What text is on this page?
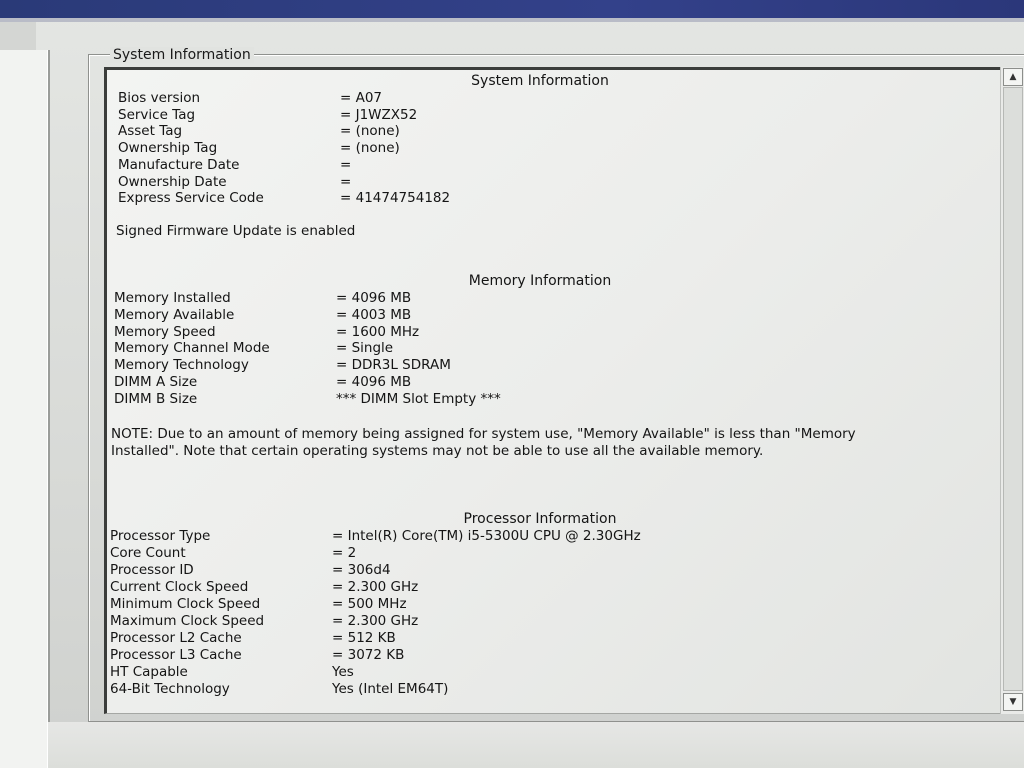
System Information
System Information
Bios version	= A07
Service Tag	= J1WZX52
Asset Tag	= (none)
Ownership Tag	= (none)
Manufacture Date	=
Ownership Date	=
Express Service Code	= 41474754182
Signed Firmware Update is enabled
Memory Information
Memory Installed	= 4096 MB
Memory Available	= 4003 MB
Memory Speed	= 1600 MHz
Memory Channel Mode	= Single
Memory Technology	= DDR3L SDRAM
DIMM A Size	= 4096 MB
DIMM B Size	*** DIMM Slot Empty ***
NOTE: Due to an amount of memory being assigned for system use, "Memory Available" is less than "Memory Installed". Note that certain operating systems may not be able to use all the available memory.
Processor Information
Processor Type	= Intel(R) Core(TM) i5-5300U CPU @ 2.30GHz
Core Count	= 2
Processor ID	= 306d4
Current Clock Speed	= 2.300 GHz
Minimum Clock Speed	= 500 MHz
Maximum Clock Speed	= 2.300 GHz
Processor L2 Cache	= 512 KB
Processor L3 Cache	= 3072 KB
HT Capable	Yes
64-Bit Technology	Yes (Intel EM64T)
▲
▼
